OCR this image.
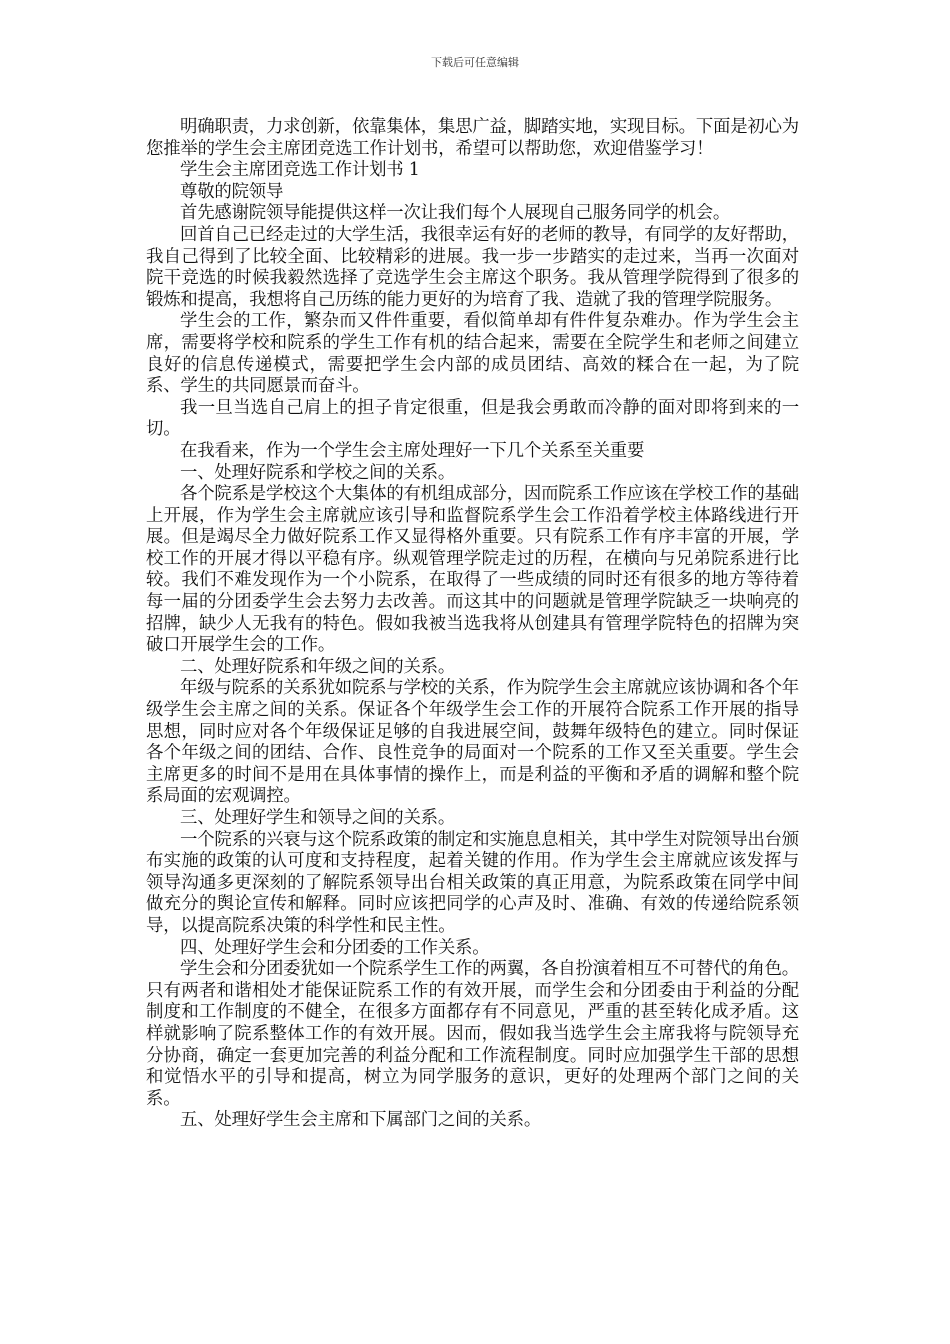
下载后可任意编辑

明确职责，力求创新，依靠集体，集思广益，脚踏实地，实现目标。下面是初心为您推举的学生会主席团竞选工作计划书，希望可以帮助您，欢迎借鉴学习！

学生会主席团竞选工作计划书 1

尊敬的院领导

首先感谢院领导能提供这样一次让我们每个人展现自己服务同学的机会。

回首自己已经走过的大学生活，我很幸运有好的老师的教导，有同学的友好帮助，我自己得到了比较全面、比较精彩的进展。我一步一步踏实的走过来，当再一次面对院干竞选的时候我毅然选择了竞选学生会主席这个职务。我从管理学院得到了很多的锻炼和提高，我想将自己历练的能力更好的为培育了我、造就了我的管理学院服务。

学生会的工作，繁杂而又件件重要，看似简单却有件件复杂难办。作为学生会主席，需要将学校和院系的学生工作有机的结合起来，需要在全院学生和老师之间建立良好的信息传递模式，需要把学生会内部的成员团结、高效的糅合在一起，为了院系、学生的共同愿景而奋斗。

我一旦当选自己肩上的担子肯定很重，但是我会勇敢而冷静的面对即将到来的一切。

在我看来，作为一个学生会主席处理好一下几个关系至关重要

一、处理好院系和学校之间的关系。

各个院系是学校这个大集体的有机组成部分，因而院系工作应该在学校工作的基础上开展，作为学生会主席就应该引导和监督院系学生会工作沿着学校主体路线进行开展。但是竭尽全力做好院系工作又显得格外重要。只有院系工作有序丰富的开展，学校工作的开展才得以平稳有序。纵观管理学院走过的历程，在横向与兄弟院系进行比较。我们不难发现作为一个小院系，在取得了一些成绩的同时还有很多的地方等待着每一届的分团委学生会去努力去改善。而这其中的问题就是管理学院缺乏一块响亮的招牌，缺少人无我有的特色。假如我被当选我将从创建具有管理学院特色的招牌为突破口开展学生会的工作。

二、处理好院系和年级之间的关系。

年级与院系的关系犹如院系与学校的关系，作为院学生会主席就应该协调和各个年级学生会主席之间的关系。保证各个年级学生会工作的开展符合院系工作开展的指导思想，同时应对各个年级保证足够的自我进展空间，鼓舞年级特色的建立。同时保证各个年级之间的团结、合作、良性竞争的局面对一个院系的工作又至关重要。学生会主席更多的时间不是用在具体事情的操作上，而是利益的平衡和矛盾的调解和整个院系局面的宏观调控。

三、处理好学生和领导之间的关系。

一个院系的兴衰与这个院系政策的制定和实施息息相关，其中学生对院领导出台颁布实施的政策的认可度和支持程度，起着关键的作用。作为学生会主席就应该发挥与领导沟通多更深刻的了解院系领导出台相关政策的真正用意，为院系政策在同学中间做充分的舆论宣传和解释。同时应该把同学的心声及时、准确、有效的传递给院系领导，以提高院系决策的科学性和民主性。

四、处理好学生会和分团委的工作关系。

学生会和分团委犹如一个院系学生工作的两翼，各自扮演着相互不可替代的角色。只有两者和谐相处才能保证院系工作的有效开展，而学生会和分团委由于利益的分配制度和工作制度的不健全，在很多方面都存有不同意见，严重的甚至转化成矛盾。这样就影响了院系整体工作的有效开展。因而，假如我当选学生会主席我将与院领导充分协商，确定一套更加完善的利益分配和工作流程制度。同时应加强学生干部的思想和觉悟水平的引导和提高，树立为同学服务的意识，更好的处理两个部门之间的关系。

五、处理好学生会主席和下属部门之间的关系。
